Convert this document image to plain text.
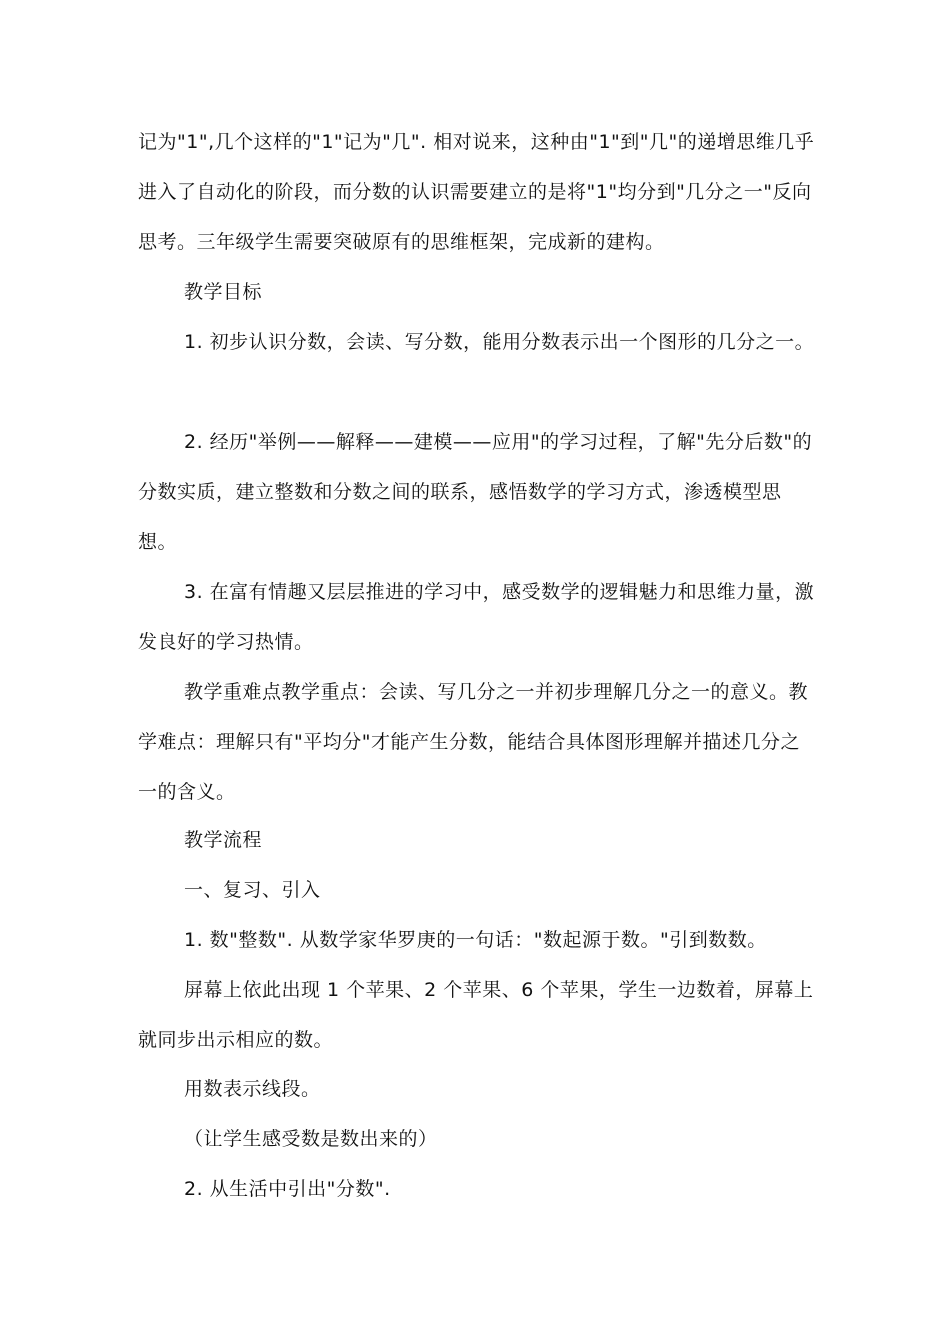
记为"1",几个这样的"1"记为"几". 相对说来，这种由"1"到"几"的递增思维几乎进入了自动化的阶段，而分数的认识需要建立的是将"1"均分到"几分之一"反向思考。三年级学生需要突破原有的思维框架，完成新的建构。

教学目标

1. 初步认识分数，会读、写分数，能用分数表示出一个图形的几分之一。

2. 经历"举例——解释——建模——应用"的学习过程，了解"先分后数"的分数实质，建立整数和分数之间的联系，感悟数学的学习方式，渗透模型思想。

3. 在富有情趣又层层推进的学习中，感受数学的逻辑魅力和思维力量，激发良好的学习热情。

教学重难点教学重点：会读、写几分之一并初步理解几分之一的意义。教学难点：理解只有"平均分"才能产生分数，能结合具体图形理解并描述几分之一的含义。

教学流程

一、复习、引入

1. 数"整数". 从数学家华罗庚的一句话："数起源于数。"引到数数。

屏幕上依此出现 1 个苹果、2 个苹果、6 个苹果，学生一边数着，屏幕上就同步出示相应的数。

用数表示线段。

（让学生感受数是数出来的）

2. 从生活中引出"分数".
